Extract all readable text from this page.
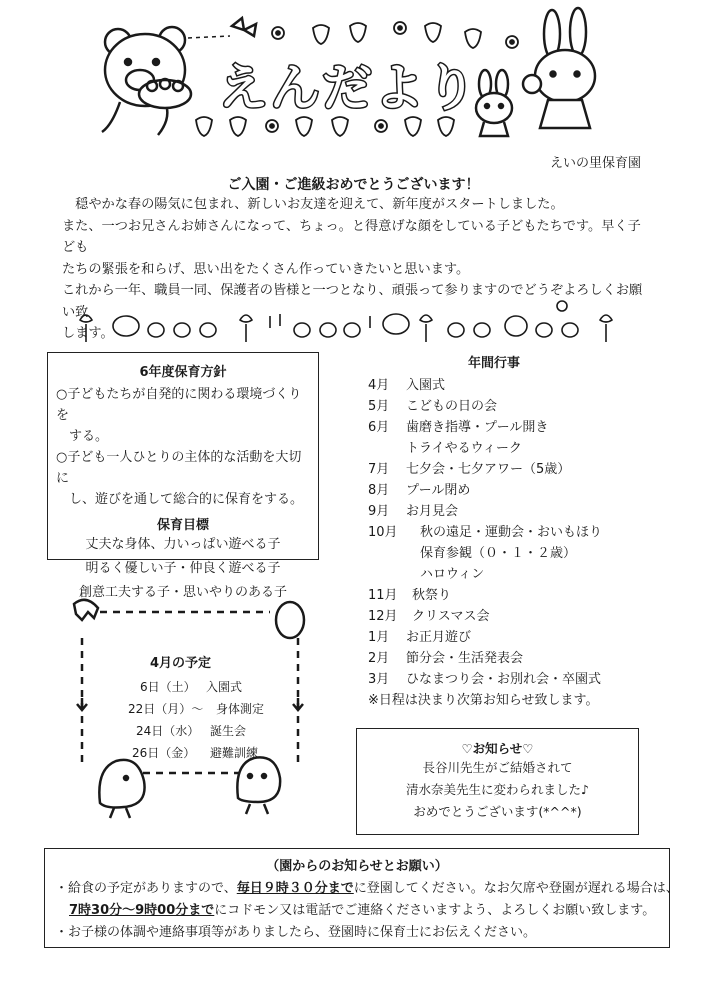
えんだより
えいの里保育園
ご入園・ご進級おめでとうございます！

　穏やかな春の陽気に包まれ、新しいお友達を迎えて、新年度がスタートしました。

また、一つお兄さんお姉さんになって、ちょっ。と得意げな顔をしている子どもたちです。早く子ども

たちの緊張を和らげ、思い出をたくさん作っていきたいと思います。

これから一年、職員一同、保護者の皆様と一つとなり、頑張って参りますのでどうぞよろしくお願い致

します。

6年度保育方針
○子どもたちが自発的に関わる環境づくりを
　する。
○子ども一人ひとりの主体的な活動を大切に
　し、遊びを通して総合的に保育をする。
保育目標
丈夫な身体、力いっぱい遊べる子
明るく優しい子・仲良く遊べる子
創意工夫する子・思いやりのある子
年間行事
4月 入園式
5月 こどもの日の会
6月 歯磨き指導・プール開き
トライやるウィーク
7月 七夕会・七夕アワー（5歳）
8月 プール閉め
9月 お月見会
10月 秋の遠足・運動会・おいもほり
保育参観（０・１・２歳）
ハロウィン
11月 秋祭り
12月 クリスマス会
1月 お正月遊び
2月 節分会・生活発表会
3月 ひなまつり会・お別れ会・卒園式
※日程は決まり次第お知らせ致します。
4月の予定
6日（土） 入園式
22日（月）～ 身体測定
24日（水） 誕生会
26日（金） 避難訓練	♡お知らせ♡
長谷川先生がご結婚されて
清水奈美先生に変わられました♪
おめでとうございます(*^^*)
（園からのお知らせとお願い）
・給食の予定がありますので、毎日９時３０分までに登園してください。なお欠席や登園が遅れる場合は、
7時30分～9時00分までにコドモン又は電話でご連絡くださいますよう、よろしくお願い致します。
・お子様の体調や連絡事項等がありましたら、登園時に保育士にお伝えください。
